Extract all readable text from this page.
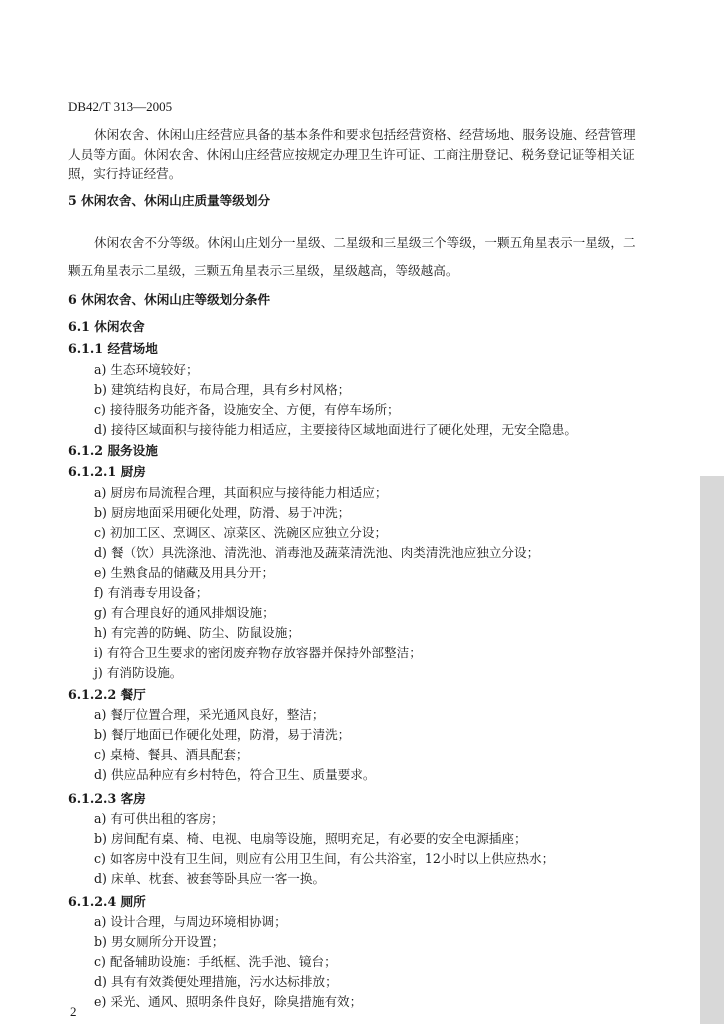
DB42/T 313—2005
休闲农舍、休闲山庄经营应具备的基本条件和要求包括经营资格、经营场地、服务设施、经营管理
人员等方面。休闲农舍、休闲山庄经营应按规定办理卫生许可证、工商注册登记、税务登记证等相关证
照，实行持证经营。
5 休闲农舍、休闲山庄质量等级划分
休闲农舍不分等级。休闲山庄划分一星级、二星级和三星级三个等级，一颗五角星表示一星级，二
颗五角星表示二星级，三颗五角星表示三星级，星级越高，等级越高。
6 休闲农舍、休闲山庄等级划分条件
6.1 休闲农舍
6.1.1 经营场地
a) 生态环境较好；
b) 建筑结构良好，布局合理，具有乡村风格；
c) 接待服务功能齐备，设施安全、方便，有停车场所；
d) 接待区域面积与接待能力相适应，主要接待区域地面进行了硬化处理，无安全隐患。
6.1.2 服务设施
6.1.2.1 厨房
a) 厨房布局流程合理，其面积应与接待能力相适应；
b) 厨房地面采用硬化处理，防滑、易于冲洗；
c) 初加工区、烹调区、凉菜区、洗碗区应独立分设；
d) 餐（饮）具洗涤池、清洗池、消毒池及蔬菜清洗池、肉类清洗池应独立分设；
e) 生熟食品的储藏及用具分开；
f) 有消毒专用设备；
g) 有合理良好的通风排烟设施；
h) 有完善的防蝇、防尘、防鼠设施；
i) 有符合卫生要求的密闭废弃物存放容器并保持外部整洁；
j) 有消防设施。
6.1.2.2 餐厅
a) 餐厅位置合理，采光通风良好，整洁；
b) 餐厅地面已作硬化处理，防滑，易于清洗；
c) 桌椅、餐具、酒具配套；
d) 供应品种应有乡村特色，符合卫生、质量要求。
6.1.2.3 客房
a) 有可供出租的客房；
b) 房间配有桌、椅、电视、电扇等设施，照明充足，有必要的安全电源插座；
c) 如客房中没有卫生间，则应有公用卫生间，有公共浴室，12小时以上供应热水；
d) 床单、枕套、被套等卧具应一客一换。
6.1.2.4 厕所
a) 设计合理，与周边环境相协调；
b) 男女厕所分开设置；
c) 配备辅助设施：手纸框、洗手池、镜台；
d) 具有有效粪便处理措施，污水达标排放；
e) 采光、通风、照明条件良好，除臭措施有效；
2
